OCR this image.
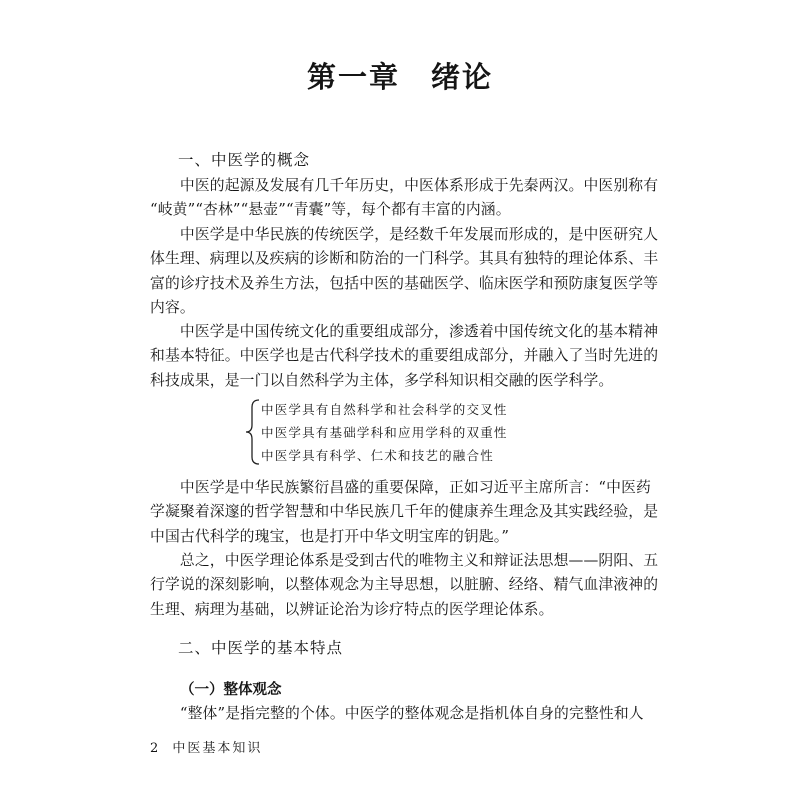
第一章　绪论
一、中医学的概念
　　中医的起源及发展有几千年历史，中医体系形成于先秦两汉。中医别称有
“岐黄”“杏林”“悬壶”“青囊”等，每个都有丰富的内涵。
　　中医学是中华民族的传统医学，是经数千年发展而形成的，是中医研究人
体生理、病理以及疾病的诊断和防治的一门科学。其具有独特的理论体系、丰
富的诊疗技术及养生方法，包括中医的基础医学、临床医学和预防康复医学等
内容。
　　中医学是中国传统文化的重要组成部分，渗透着中国传统文化的基本精神
和基本特征。中医学也是古代科学技术的重要组成部分，并融入了当时先进的
科技成果，是一门以自然科学为主体，多学科知识相交融的医学科学。
中医学具有自然科学和社会科学的交叉性
中医学具有基础学科和应用学科的双重性
中医学具有科学、仁术和技艺的融合性
　　中医学是中华民族繁衍昌盛的重要保障，正如习近平主席所言：“中医药
学凝聚着深邃的哲学智慧和中华民族几千年的健康养生理念及其实践经验，是
中国古代科学的瑰宝，也是打开中华文明宝库的钥匙。”
　　总之，中医学理论体系是受到古代的唯物主义和辩证法思想——阴阳、五
行学说的深刻影响，以整体观念为主导思想，以脏腑、经络、精气血津液神的
生理、病理为基础，以辨证论治为诊疗特点的医学理论体系。
二、中医学的基本特点
（一）整体观念
　　“整体”是指完整的个体。中医学的整体观念是指机体自身的完整性和人
2 中医基本知识
